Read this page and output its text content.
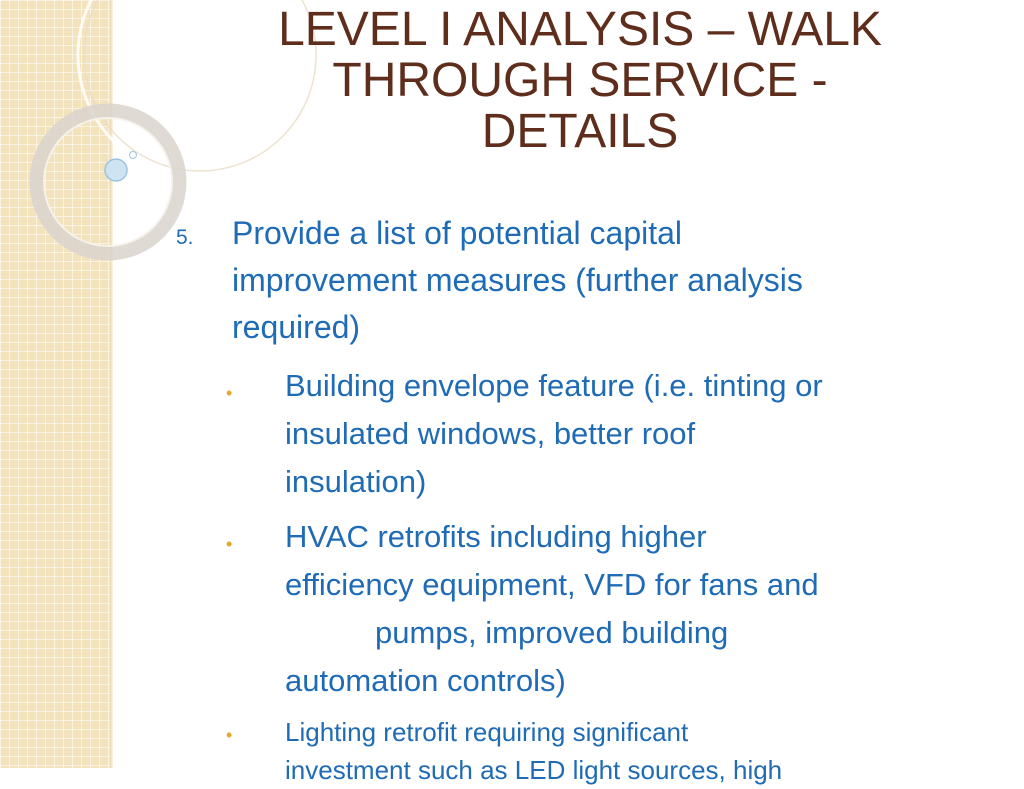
LEVEL I ANALYSIS – WALK
THROUGH SERVICE -
DETAILS
5. Provide a list of potential capital
improvement measures (further analysis
required)
• Building envelope feature (i.e. tinting or
insulated windows, better roof
insulation)
• HVAC retrofits including higher
efficiency equipment, VFD for fans and
pumps, improved building
automation controls)
• Lighting retrofit requiring significant
investment such as LED light sources, high
